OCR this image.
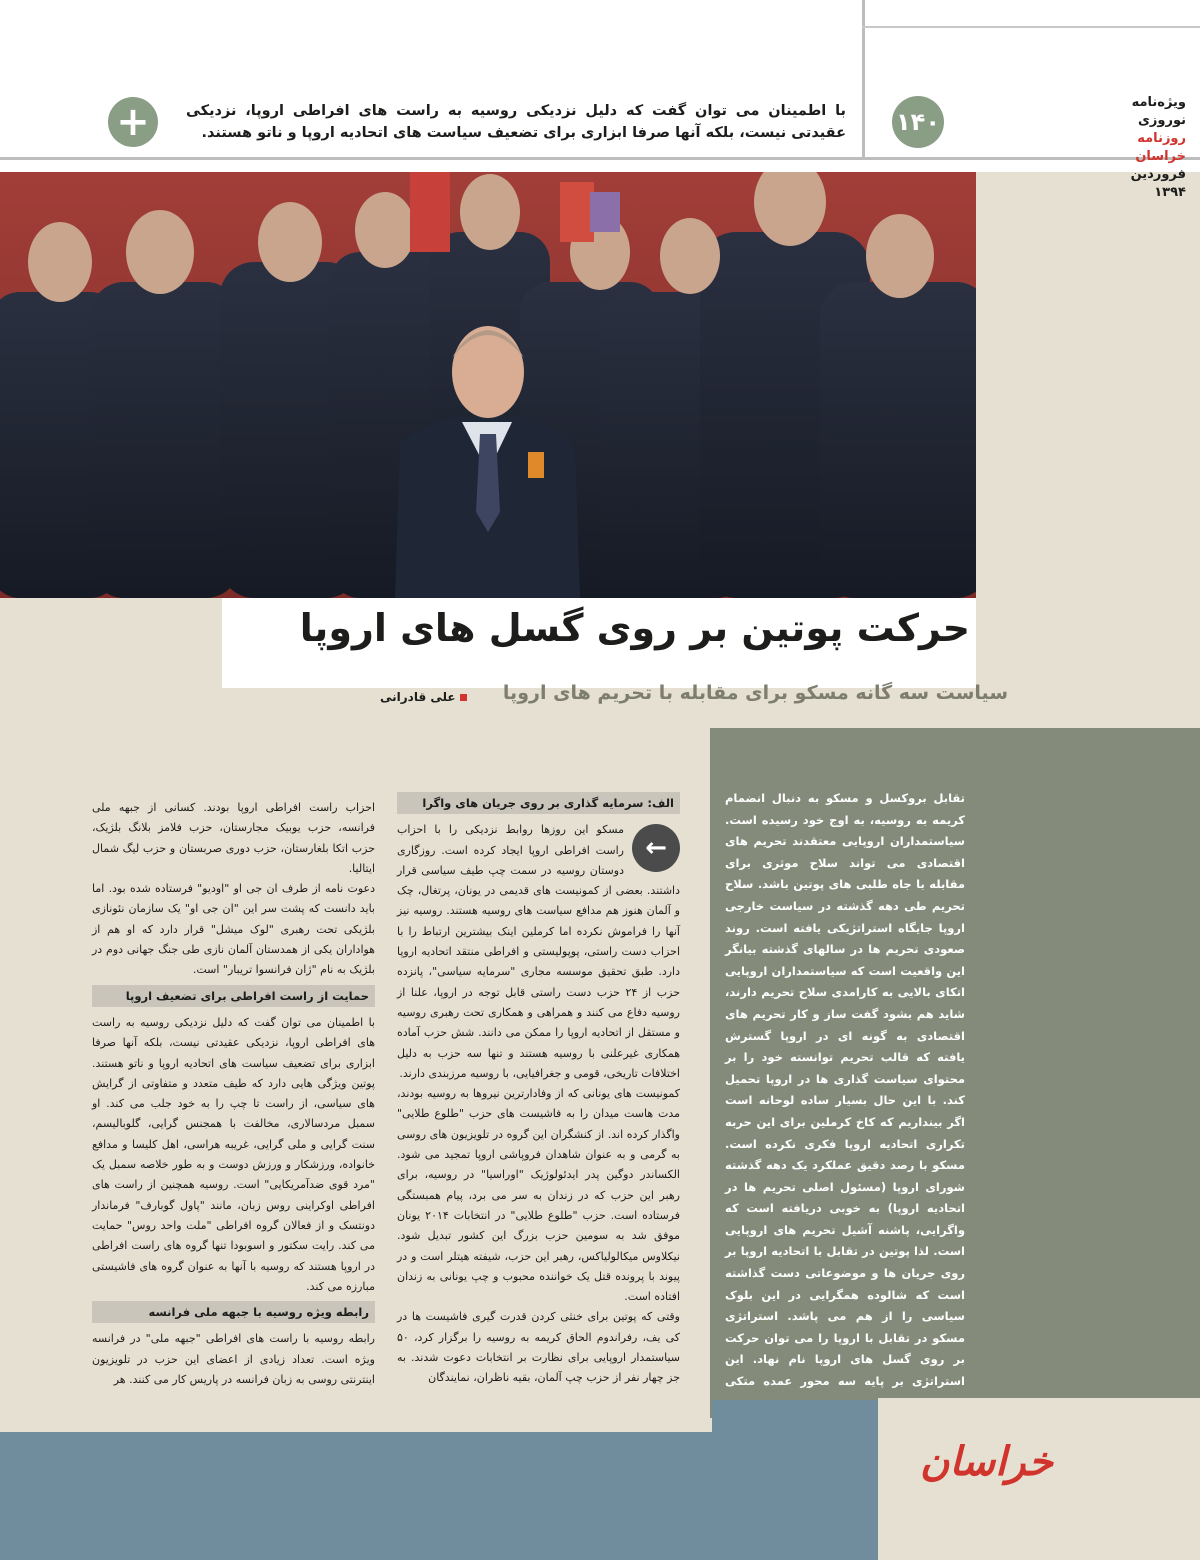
۱۴۰
ویژه‌نامه نوروزی
روزنامه خراسان
فروردین ۱۳۹۴
با اطمینان می توان گفت که دلیل نزدیکی روسیه به راست های افراطی اروپا، نزدیکی عقیدتی نیست، بلکه آنها صرفا ابزاری برای تضعیف سیاست های اتحادیه اروپا و ناتو هستند.
+
حرکت پوتین بر روی گسل های اروپا
سیاست سه گانه مسکو برای مقابله با تحریم های اروپا
علی قادرانی
تقابل بروکسل و مسکو به دنبال انضمام کریمه به روسیه، به اوج خود رسیده است. سیاستمداران اروپایی معتقدند تحریم های اقتصادی می تواند سلاح موثری برای مقابله با جاه طلبی های پوتین باشد. سلاح تحریم طی دهه گذشته در سیاست خارجی اروپا جایگاه استراتژیکی یافته است. روند صعودی تحریم ها در سالهای گذشته بیانگر این واقعیت است که سیاستمداران اروپایی اتکای بالایی به کارامدی سلاح تحریم دارند، شاید هم بشود گفت ساز و کار تحریم های اقتصادی به گونه ای در اروپا گسترش یافته که قالب تحریم توانسته خود را بر محتوای سیاست گذاری ها در اروپا تحمیل کند. با این حال بسیار ساده لوحانه است اگر بینداریم که کاخ کرملین برای این حربه تکراری اتحادیه اروپا فکری نکرده است. مسکو با رصد دقیق عملکرد یک دهه گذشته شورای اروپا (مسئول اصلی تحریم ها در اتحادیه اروپا) به خوبی دریافته است که واگرایی، پاشنه آشیل تحریم های اروپایی است. لذا پوتین در تقابل با اتحادیه اروپا بر روی جریان ها و موضوعاتی دست گذاشته است که شالوده همگرایی در این بلوک سیاسی را از هم می پاشد. استراتژی مسکو در تقابل با اروپا را می توان حرکت بر روی گسل های اروپا نام نهاد. این استراتژی بر پایه سه محور عمده متکی
الف: سرمایه گذاری بر روی جریان های واگرا
←

مسکو این روزها روابط نزدیکی را با احزاب راست افراطی اروپا ایجاد کرده است. روزگاری دوستان روسیه در سمت چپ طیف سیاسی قرار داشتند. بعضی از کمونیست های قدیمی در یونان، پرتغال، چک و آلمان هنوز هم مدافع سیاست های روسیه هستند. روسیه نیز آنها را فراموش نکرده اما کرملین اینک بیشترین ارتباط را با احزاب دست راستی، پوپولیستی و افراطی منتقد اتحادیه اروپا دارد. طبق تحقیق موسسه مجاری "سرمایه سیاسی"، پانزده حزب از ۲۴ حزب دست راستی قابل توجه در اروپا، علنا از روسیه دفاع می کنند و همراهی و همکاری تحت رهبری روسیه و مستقل از اتحادیه اروپا را ممکن می دانند. شش حزب آماده همکاری غیرعلنی با روسیه هستند و تنها سه حزب به دلیل اختلافات تاریخی، قومی و جغرافیایی، با روسیه مرزبندی دارند.

کمونیست های یونانی که از وفادارترین نیروها به روسیه بودند، مدت هاست میدان را به فاشیست های حزب "طلوع طلایی" واگذار کرده اند. از کنشگران این گروه در تلویزیون های روسی به گرمی و به عنوان شاهدان فروپاشی اروپا تمجید می شود. الکساندر دوگین پدر ایدئولوژیک "اوراسیا" در روسیه، برای رهبر این حزب که در زندان به سر می برد، پیام همبستگی فرستاده است. حزب "طلوع طلایی" در انتخابات ۲۰۱۴ یونان موفق شد به سومین حزب بزرگ این کشور تبدیل شود. نیکلاوس میکالولیاکس، رهبر این حزب، شیفته هیتلر است و در پیوند با پرونده قتل یک خواننده محبوب و چپ یونانی به زندان افتاده است.

وقتی که پوتین برای خنثی کردن قدرت گیری فاشیست ها در کی یف، رفراندوم الحاق کریمه به روسیه را برگزار کرد، ۵۰ سیاستمدار اروپایی برای نظارت بر انتخابات دعوت شدند. به جز چهار نفر از حزب چپ آلمان، بقیه ناظران، نمایندگان

احزاب راست افراطی اروپا بودند. کسانی از جبهه ملی فرانسه، حزب یوبیک مجارستان، حزب فلامز بلانگ بلژیک، حزب اتکا بلغارستان، حزب دوری صربستان و حزب لیگ شمال ایتالیا.

دعوت نامه از طرف ان جی او "اودیو" فرستاده شده بود. اما باید دانست که پشت سر این "ان جی او" یک سازمان نئونازی بلژیکی تحت رهبری "لوک میشل" قرار دارد که او هم از هواداران یکی از همدستان آلمان نازی طی جنگ جهانی دوم در بلژیک به نام "ژان فرانسوا تریبار" است.

حمایت از راست افراطی برای تضعیف اروپا

با اطمینان می توان گفت که دلیل نزدیکی روسیه به راست های افراطی اروپا، نزدیکی عقیدتی نیست، بلکه آنها صرفا ابزاری برای تضعیف سیاست های اتحادیه اروپا و ناتو هستند. پوتین ویژگی هایی دارد که طیف متعدد و متفاوتی از گرایش های سیاسی، از راست تا چپ را به خود جلب می کند. او سمبل مردسالاری، مخالفت با همجنس گرایی، گلوبالیسم، سنت گرایی و ملی گرایی، غریبه هراسی، اهل کلیسا و مدافع خانواده، ورزشکار و ورزش دوست و به طور خلاصه سمبل یک "مرد قوی ضدآمریکایی" است. روسیه همچنین از راست های افراطی اوکراینی روس زبان، مانند "پاول گوبارف" فرماندار دونتسک و از فعالان گروه افراطی "ملت واحد روس" حمایت می کند. رایت سکتور و اسوبودا تنها گروه های راست افراطی در اروپا هستند که روسیه با آنها به عنوان گروه های فاشیستی مبارزه می کند.

رابطه ویژه روسیه با جبهه ملی فرانسه

رابطه روسیه با راست های افراطی "جبهه ملی" در فرانسه ویژه است. تعداد زیادی از اعضای این حزب در تلویزیون اینترنتی روسی به زبان فرانسه در پاریس کار می کنند. هر

خراسان
